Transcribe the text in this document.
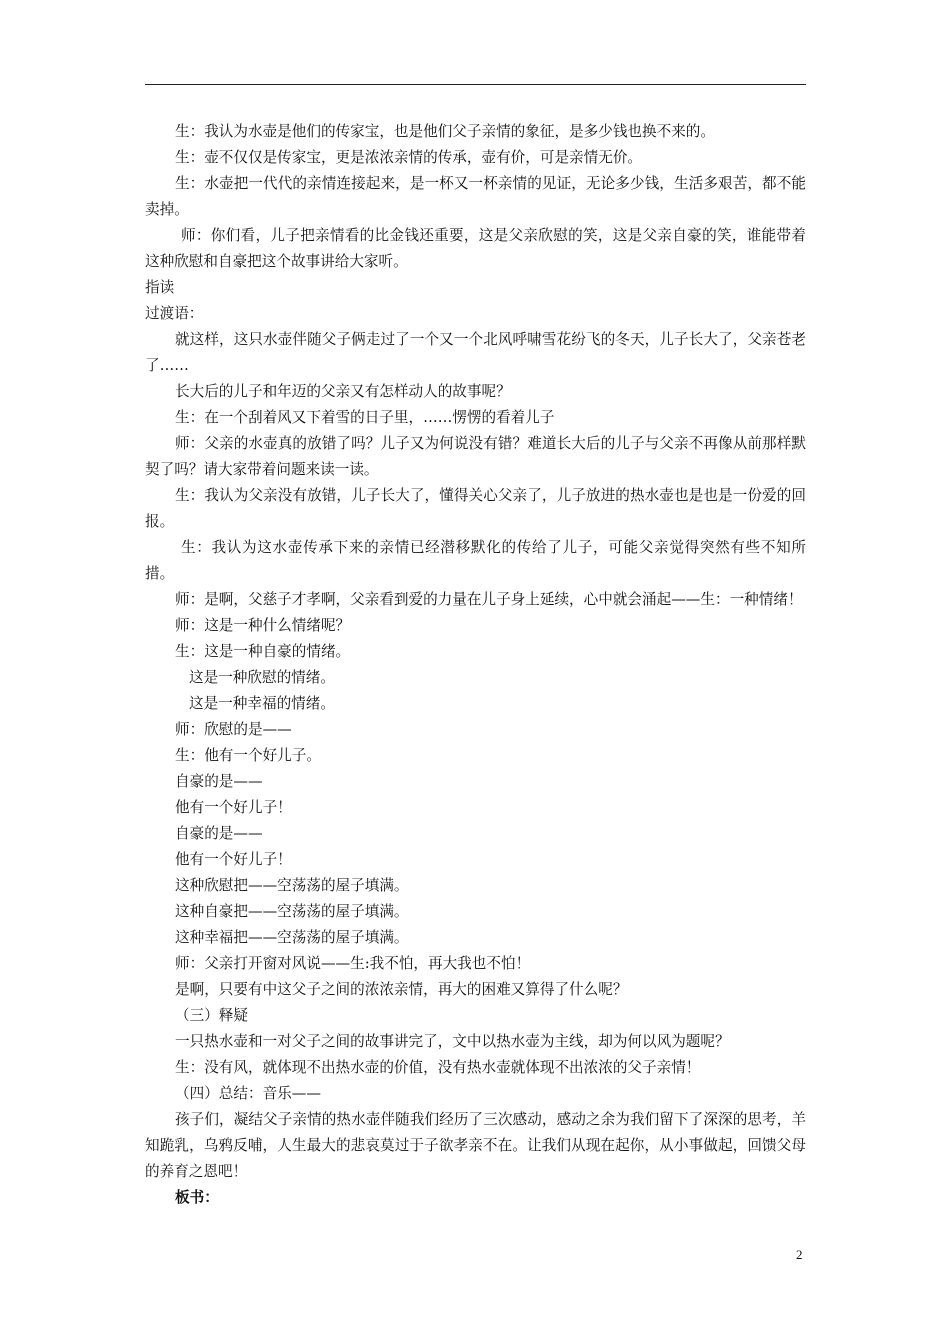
生：我认为水壶是他们的传家宝，也是他们父子亲情的象征，是多少钱也换不来的。

生：壶不仅仅是传家宝，更是浓浓亲情的传承，壶有价，可是亲情无价。

生：水壶把一代代的亲情连接起来，是一杯又一杯亲情的见证，无论多少钱，生活多艰苦，都不能卖掉。

师：你们看，儿子把亲情看的比金钱还重要，这是父亲欣慰的笑，这是父亲自豪的笑，谁能带着这种欣慰和自豪把这个故事讲给大家听。

指读

过渡语：

就这样，这只水壶伴随父子俩走过了一个又一个北风呼啸雪花纷飞的冬天，儿子长大了，父亲苍老了……

长大后的儿子和年迈的父亲又有怎样动人的故事呢？

生：在一个刮着风又下着雪的日子里，……愣愣的看着儿子

师：父亲的水壶真的放错了吗？儿子又为何说没有错？难道长大后的儿子与父亲不再像从前那样默契了吗？请大家带着问题来读一读。

生：我认为父亲没有放错，儿子长大了，懂得关心父亲了，儿子放进的热水壶也是也是一份爱的回报。

生：我认为这水壶传承下来的亲情已经潜移默化的传给了儿子，可能父亲觉得突然有些不知所措。

师：是啊，父慈子才孝啊，父亲看到爱的力量在儿子身上延续，心中就会涌起——生：一种情绪！

师：这是一种什么情绪呢？

生：这是一种自豪的情绪。

这是一种欣慰的情绪。

这是一种幸福的情绪。

师：欣慰的是——

生：他有一个好儿子。

自豪的是——

他有一个好儿子！

自豪的是——

他有一个好儿子！

这种欣慰把——空荡荡的屋子填满。

这种自豪把——空荡荡的屋子填满。

这种幸福把——空荡荡的屋子填满。

师：父亲打开窗对风说——生:我不怕，再大我也不怕！

是啊，只要有中这父子之间的浓浓亲情，再大的困难又算得了什么呢？

（三）释疑

一只热水壶和一对父子之间的故事讲完了，文中以热水壶为主线，却为何以风为题呢？

生：没有风，就体现不出热水壶的价值，没有热水壶就体现不出浓浓的父子亲情！

（四）总结：音乐——

孩子们，凝结父子亲情的热水壶伴随我们经历了三次感动，感动之余为我们留下了深深的思考，羊知跪乳，乌鸦反哺，人生最大的悲哀莫过于子欲孝亲不在。让我们从现在起你，从小事做起，回馈父母的养育之恩吧！

板书：

2
